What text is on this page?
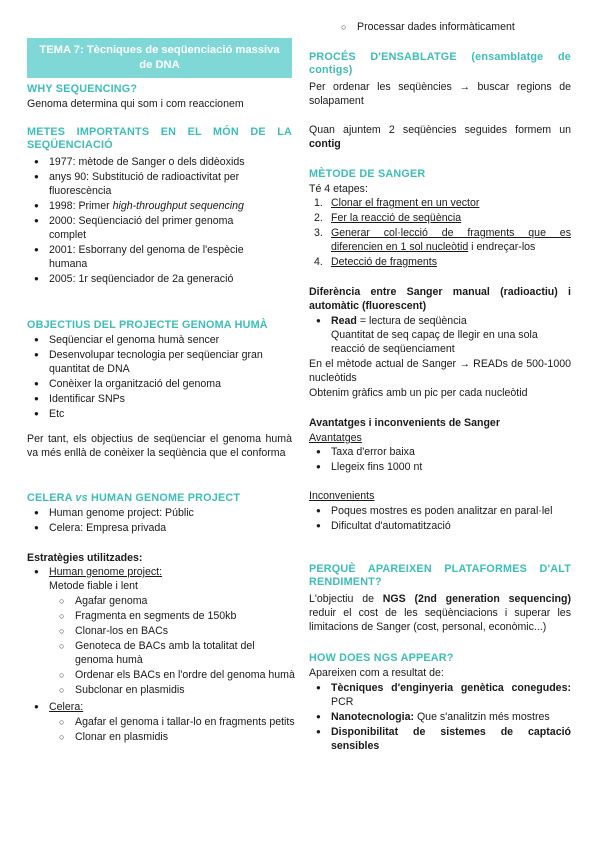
TEMA 7: Tècniques de seqüenciació massiva de DNA
WHY SEQUENCING?
Genoma determina qui som i com reaccionem
METES IMPORTANTS EN EL MÓN DE LA SEQÜENCIACIÓ
● 1977: mètode de Sanger o dels didèoxids
● anys 90: Substitució de radioactivitat per fluorescència
● 1998: Primer high-throughput sequencing
● 2000: Seqüenciació del primer genoma complet
● 2001: Esborrany del genoma de l'espècie humana
● 2005: 1r seqüenciador de 2a generació
OBJECTIUS DEL PROJECTE GENOMA HUMÀ
● Seqüenciar el genoma humà sencer
● Desenvolupar tecnologia per seqüenciar gran quantitat de DNA
● Conèixer la organització del genoma
● Identificar SNPs
● Etc
Per tant, els objectius de seqüenciar el genoma humà va més enllà de conèixer la seqüència que el conforma
CELERA vs HUMAN GENOME PROJECT
● Human genome project: Públic
● Celera: Empresa privada
Estratègies utilitzades:
● Human genome project:
Metode fiable i lent
○ Agafar genoma
○ Fragmenta en segments de 150kb
○ Clonar-los en BACs
○ Genoteca de BACs amb la totalitat del genoma humà
○ Ordenar els BACs en l'ordre del genoma humà
○ Subclonar en plasmidis
● Celera:
○ Agafar el genoma i tallar-lo en fragments petits
○ Clonar en plasmidis
○ Processar dades informàticament
PROCÉS D'ENSABLATGE (ensamblatge de contigs)
Per ordenar les seqüències → buscar regions de solapament
Quan ajuntem 2 seqüències seguides formem un contig
MÈTODE DE SANGER
Té 4 etapes:
1. Clonar el fragment en un vector
2. Fer la reacció de seqüència
3. Generar col·lecció de fragments que es diferencien en 1 sol nucleòtid i endreçar-los
4. Detecció de fragments
Diferència entre Sanger manual (radioactiu) i automàtic (fluorescent)
● Read = lectura de seqüència
Quantitat de seq capaç de llegir en una sola reacció de seqüenciament
En el mètode actual de Sanger → READs de 500-1000 nucleòtids
Obtenim gràfics amb un pic per cada nucleòtid
Avantatges i inconvenients de Sanger
Avantatges
● Taxa d'error baixa
● Llegeix fins 1000 nt
Inconvenients
● Poques mostres es poden analitzar en paral·lel
● Dificultat d'automatització
PERQUÈ APAREIXEN PLATAFORMES D'ALT RENDIMENT?
L'objectiu de NGS (2nd generation sequencing) reduir el cost de les seqüènciacions i superar les limitacions de Sanger (cost, personal, econòmic...)
HOW DOES NGS APPEAR?
Apareixen com a resultat de:
● Tècniques d'enginyeria genètica conegudes: PCR
● Nanotecnologia: Que s'analitzin més mostres
● Disponibilitat de sistemes de captació sensibles
